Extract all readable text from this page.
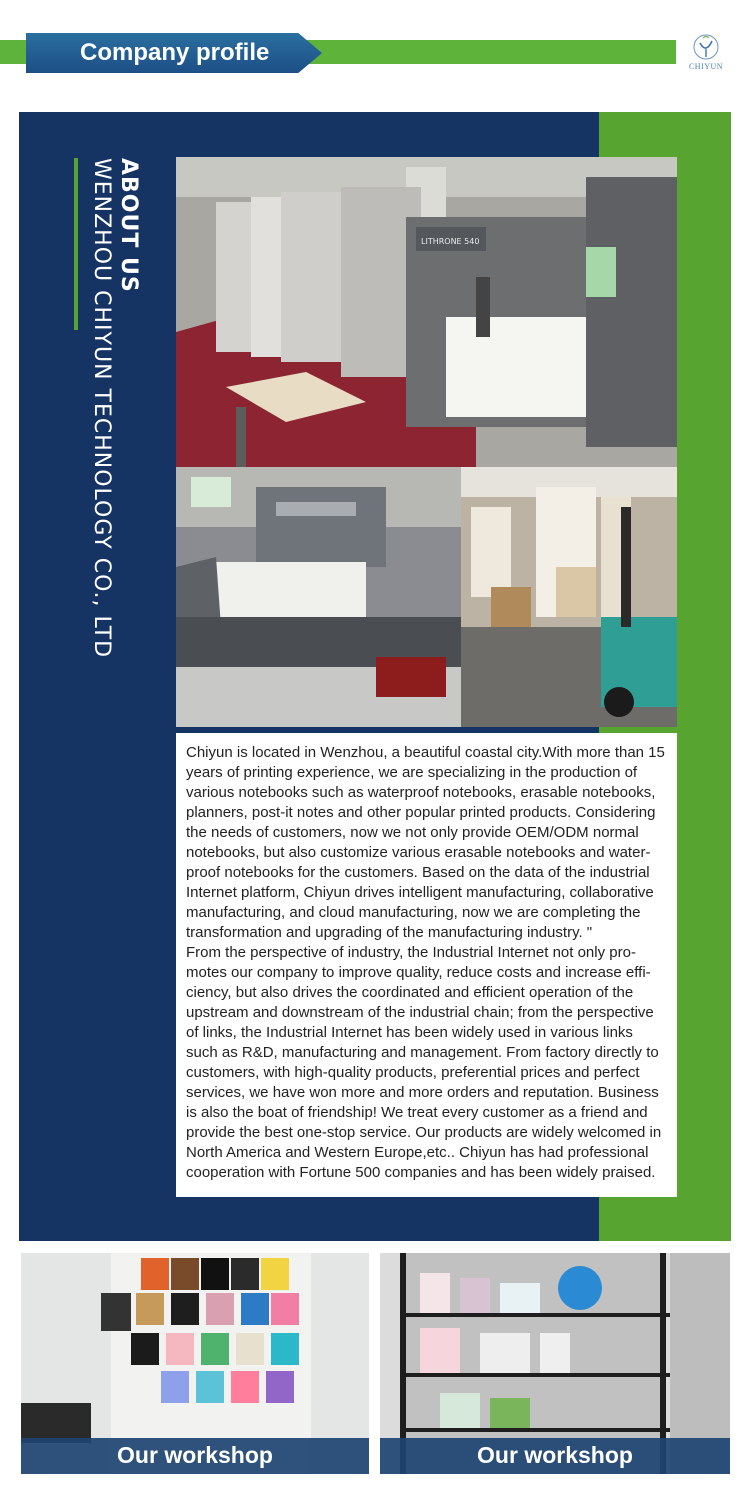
Company profile
CHIYUN
ABOUT US
WENZHOU CHIYUN TECHNOLOGY CO., LTD	LITHRONE 540

Chiyun is located in Wenzhou, a beautiful coastal city.With more than 15 years of printing experience, we are specializing in the production of various notebooks such as waterproof notebooks, erasable notebooks, planners, post-it notes and other popular printed products. Considering the needs of customers, now we not only provide OEM/ODM normal notebooks, but also customize various erasable notebooks and water-proof notebooks for the customers. Based on the data of the industrial Internet platform, Chiyun drives intelligent manufacturing, collaborative manufacturing, and cloud manufacturing, now we are completing the transformation and upgrading of the manufacturing industry. "
From the perspective of industry, the Industrial Internet not only pro-motes our company to improve quality, reduce costs and increase effi-ciency, but also drives the coordinated and efficient operation of the upstream and downstream of the industrial chain; from the perspective of links, the Industrial Internet has been widely used in various links such as R&D, manufacturing and management. From factory directly to customers, with high-quality products, preferential prices and perfect services, we have won more and more orders and reputation. Business is also the boat of friendship! We treat every customer as a friend and provide the best one-stop service. Our products are widely welcomed in North America and Western Europe,etc.. Chiyun has had professional cooperation with Fortune 500 companies and has been widely praised.

Our workshop	Our workshop
